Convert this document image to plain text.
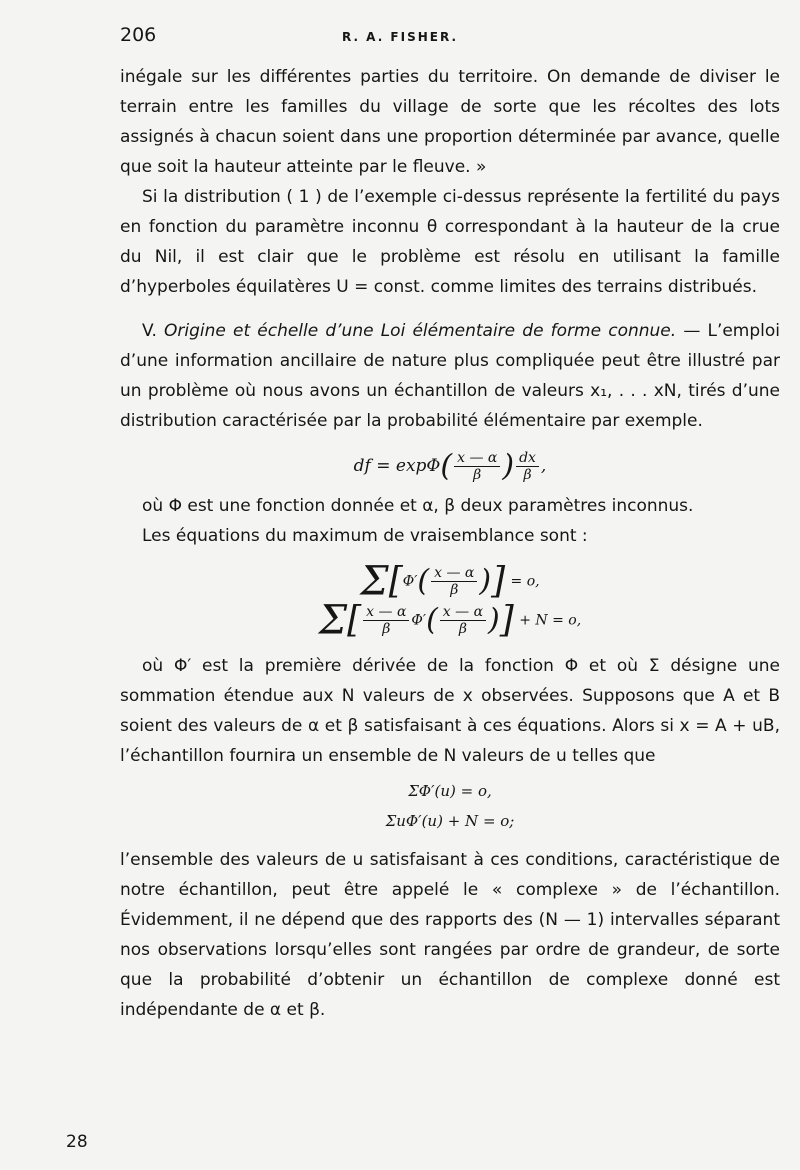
206	R. A. FISHER.

inégale sur les différentes parties du territoire. On demande de diviser le terrain entre les familles du village de sorte que les récoltes des lots assignés à chacun soient dans une proportion déterminée par avance, quelle que soit la hauteur atteinte par le fleuve. »

Si la distribution ( 1 ) de l’exemple ci-dessus représente la fertilité du pays en fonction du paramètre inconnu θ correspondant à la hauteur de la crue du Nil, il est clair que le problème est résolu en utilisant la famille d’hyperboles équilatères U = const. comme limites des terrains distribués.

V. Origine et échelle d’une Loi élémentaire de forme connue. — L’emploi d’une information ancillaire de nature plus compliquée peut être illustré par un problème où nous avons un échantillon de valeurs x₁, . . . xN, tirés d’une distribution caractérisée par la probabilité élémentaire par exemple.

df = $\exp\Phi( \frac{x — \alpha}{\beta}$ ) $\frac{dx}{\beta}$ ,

où Φ est une fonction donnée et α, β deux paramètres inconnus.

Les équations du maximum de vraisemblance sont :

$\Sigma[\Phi'( \frac{x — \alpha}{\beta}$ )] = o,
$\Sigma[ \frac{x — \alpha}{\beta} \Phi'( \frac{x — \alpha}{\beta}$ )] + N = o,

où Φ′ est la première dérivée de la fonction Φ et où Σ désigne une sommation étendue aux N valeurs de x observées. Supposons que A et B soient des valeurs de α et β satisfaisant à ces équations. Alors si x = A + uB, l’échantillon fournira un ensemble de N valeurs de u telles que

ΣΦ′(u) = o,
ΣuΦ′(u) + N = o;

l’ensemble des valeurs de u satisfaisant à ces conditions, caractéristique de notre échantillon, peut être appelé le « complexe » de l’échantillon. Évidemment, il ne dépend que des rapports des (N — 1) intervalles séparant nos observations lorsqu’elles sont rangées par ordre de grandeur, de sorte que la probabilité d’obtenir un échantillon de complexe donné est indépendante de α et β.

28
